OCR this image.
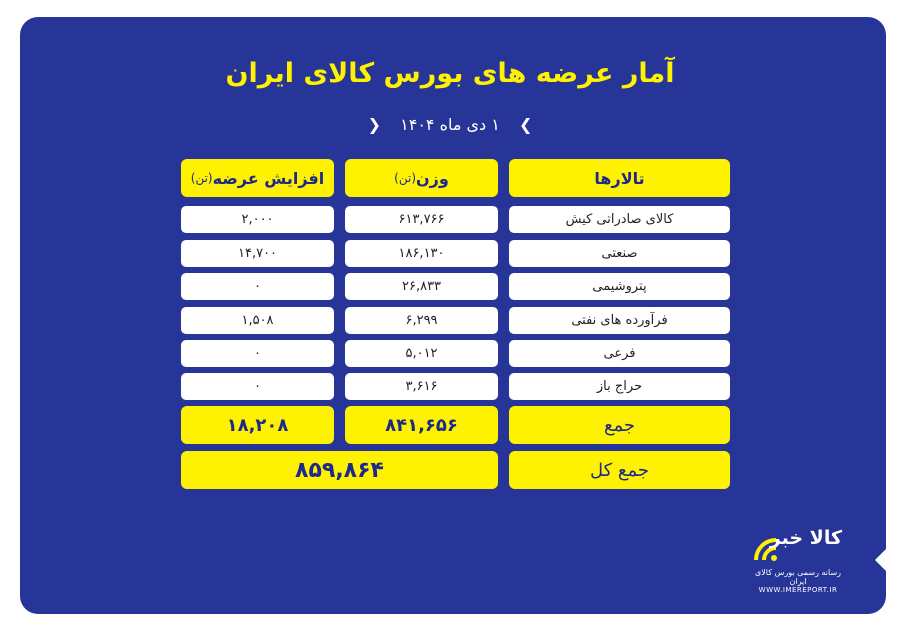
آمار عرضه های بورس کالای ایران
❯ ۱ دی ماه ۱۴۰۴ ❮
تالارها
وزن
(تن)
افزایش عرضه
(تن)
کالای صادراتی کیش
۶۱۳,۷۶۶
۲,۰۰۰
صنعتی
۱۸۶,۱۳۰
۱۴,۷۰۰
پتروشیمی
۲۶,۸۳۳
۰
فرآورده های نفتی
۶,۲۹۹
۱,۵۰۸
فرعی
۵,۰۱۲
۰
حراج باز
۳,۶۱۶
۰
جمع
۸۴۱,۶۵۶
۱۸,۲۰۸
جمع کل
۸۵۹,۸۶۴
کالا خبر
رسانه رسمی بورس کالای ایران
WWW.IMEREPORT.IR
